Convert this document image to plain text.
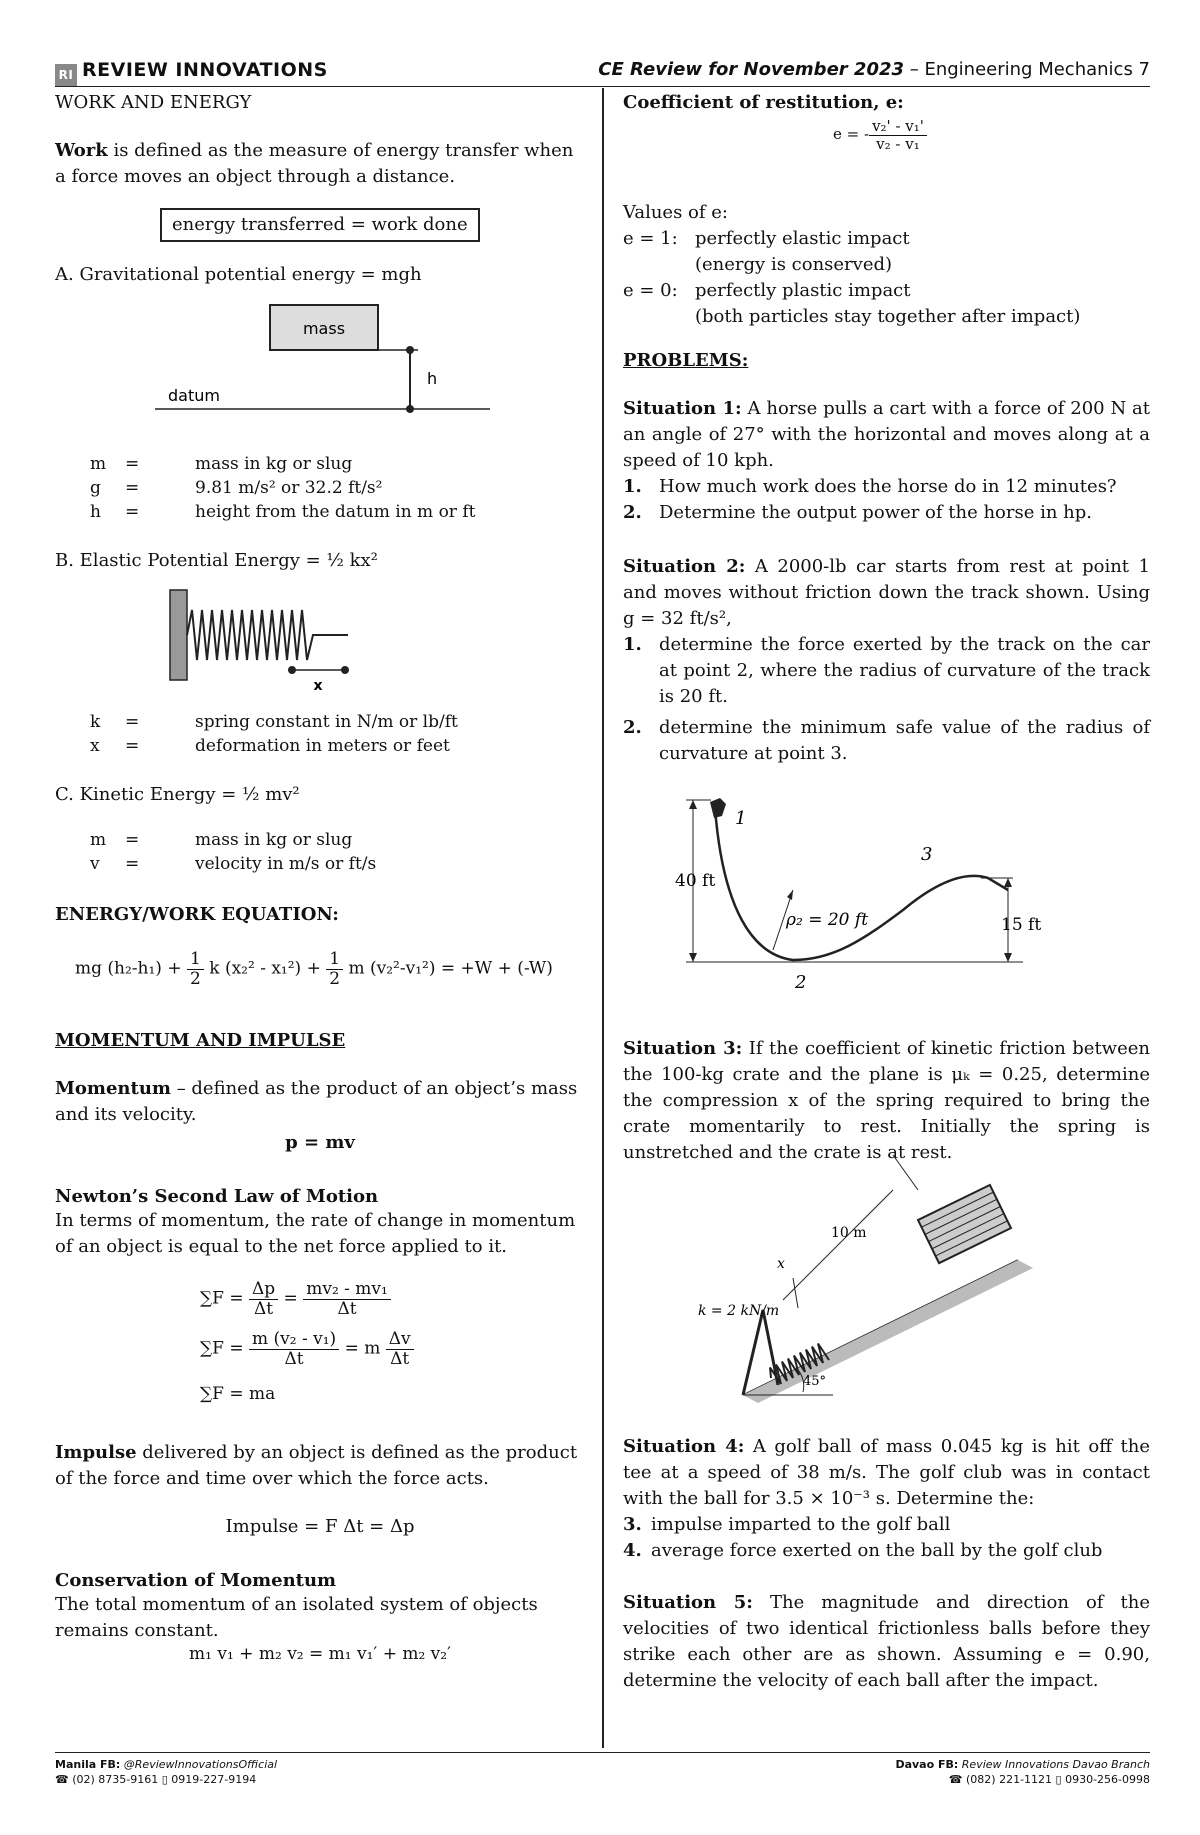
RI REVIEW INNOVATIONS	CE Review for November 2023 – Engineering Mechanics 7
WORK AND ENERGY

Work is defined as the measure of energy transfer when a force moves an object through a distance.

energy transferred = work done

A. Gravitational potential energy = mgh

mass
h
datum
m	=	mass in kg or slug
g	=	9.81 m/s² or 32.2 ft/s²
h	=	height from the datum in m or ft

B. Elastic Potential Energy = ½ kx²

x
k	=	spring constant in N/m or lb/ft
x	=	deformation in meters or feet

C. Kinetic Energy = ½ mv²

m	=	mass in kg or slug
v	=	velocity in m/s or ft/s
ENERGY/WORK EQUATION:
mg $(h_2-h_1) + \frac{1}{2}$ k $(x_2^2 - x_1^2) + \frac{1}{2}$ m (v₂²-v₁²) = +W + (-W)
MOMENTUM AND IMPULSE

Momentum – defined as the product of an object’s mass and its velocity.

p = mv

Newton’s Second Law of Motion

In terms of momentum, the rate of change in momentum of an object is equal to the net force applied to it.

$\sum F = \frac{\Delta p}{\Delta t} = \frac{\text{mv₂ - mv₁}}{\Delta t}$
$\sum F = \frac{\text{m (v₂ - v₁)}}{\Delta t} = m \frac{\Delta v}{\Delta t}$
∑F = ma

Impulse delivered by an object is defined as the product of the force and time over which the force acts.

Impulse = F Δt = Δp

Conservation of Momentum

The total momentum of an isolated system of objects remains constant.

m₁ v₁ + m₂ v₂ = m₁ v₁′ + m₂ v₂′

Coefficient of restitution, e:
e = - $\frac{\text{v₂' - v₁'}}{\text{v₂ - v₁}}$

Values of e:

e = 1: perfectly elastic impact
(energy is conserved)
e = 0: perfectly plastic impact
(both particles stay together after impact)
PROBLEMS:

Situation 1: A horse pulls a cart with a force of 200 N at an angle of 27° with the horizontal and moves along at a speed of 10 kph.

1. How much work does the horse do in 12 minutes?
2. Determine the output power of the horse in hp.

Situation 2: A 2000-lb car starts from rest at point 1 and moves without friction down the track shown. Using g = 32 ft/s²,

1. determine the force exerted by the track on the car at point 2, where the radius of curvature of the track is 20 ft.
2. determine the minimum safe value of the radius of curvature at point 3.
1
40 ft
ρ₂ = 20 ft
3
15 ft
2

Situation 3: If the coefficient of kinetic friction between the 100-kg crate and the plane is μₖ = 0.25, determine the compression x of the spring required to bring the crate momentarily to rest. Initially the spring is unstretched and the crate is at rest.

10 m
x
k = 2 kN/m
45°

Situation 4: A golf ball of mass 0.045 kg is hit off the tee at a speed of 38 m/s. The golf club was in contact with the ball for 3.5 × 10⁻³ s. Determine the:

3. impulse imparted to the golf ball
4. average force exerted on the ball by the golf club

Situation 5: The magnitude and direction of the velocities of two identical frictionless balls before they strike each other are as shown. Assuming e = 0.90, determine the velocity of each ball after the impact.

Manila FB: @ReviewInnovationsOfficial
☎ (02) 8735-9161 ▯ 0919-227-9194
Davao FB: Review Innovations Davao Branch
☎ (082) 221-1121 ▯ 0930-256-0998
